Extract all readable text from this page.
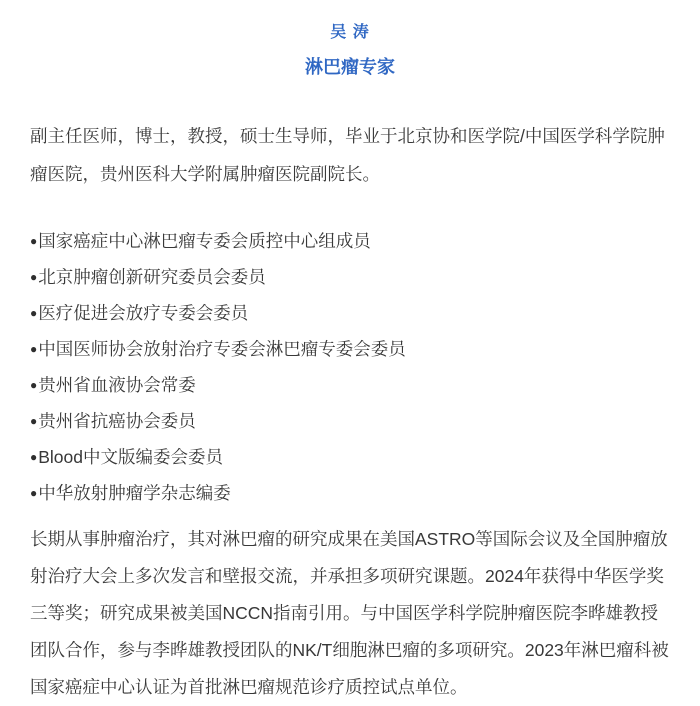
吴 涛
淋巴瘤专家

副主任医师，博士，教授，硕士生导师，毕业于北京协和医学院/中国医学科学院肿瘤医院，贵州医科大学附属肿瘤医院副院长。

●国家癌症中心淋巴瘤专委会质控中心组成员
●北京肿瘤创新研究委员会委员
●医疗促进会放疗专委会委员
●中国医师协会放射治疗专委会淋巴瘤专委会委员
●贵州省血液协会常委
●贵州省抗癌协会委员
●Blood中文版编委会委员
●中华放射肿瘤学杂志编委

长期从事肿瘤治疗，其对淋巴瘤的研究成果在美国ASTRO等国际会议及全国肿瘤放射治疗大会上多次发言和壁报交流，并承担多项研究课题。2024年获得中华医学奖三等奖；研究成果被美国NCCN指南引用。与中国医学科学院肿瘤医院李晔雄教授团队合作，参与李晔雄教授团队的NK/T细胞淋巴瘤的多项研究。2023年淋巴瘤科被国家癌症中心认证为首批淋巴瘤规范诊疗质控试点单位。
